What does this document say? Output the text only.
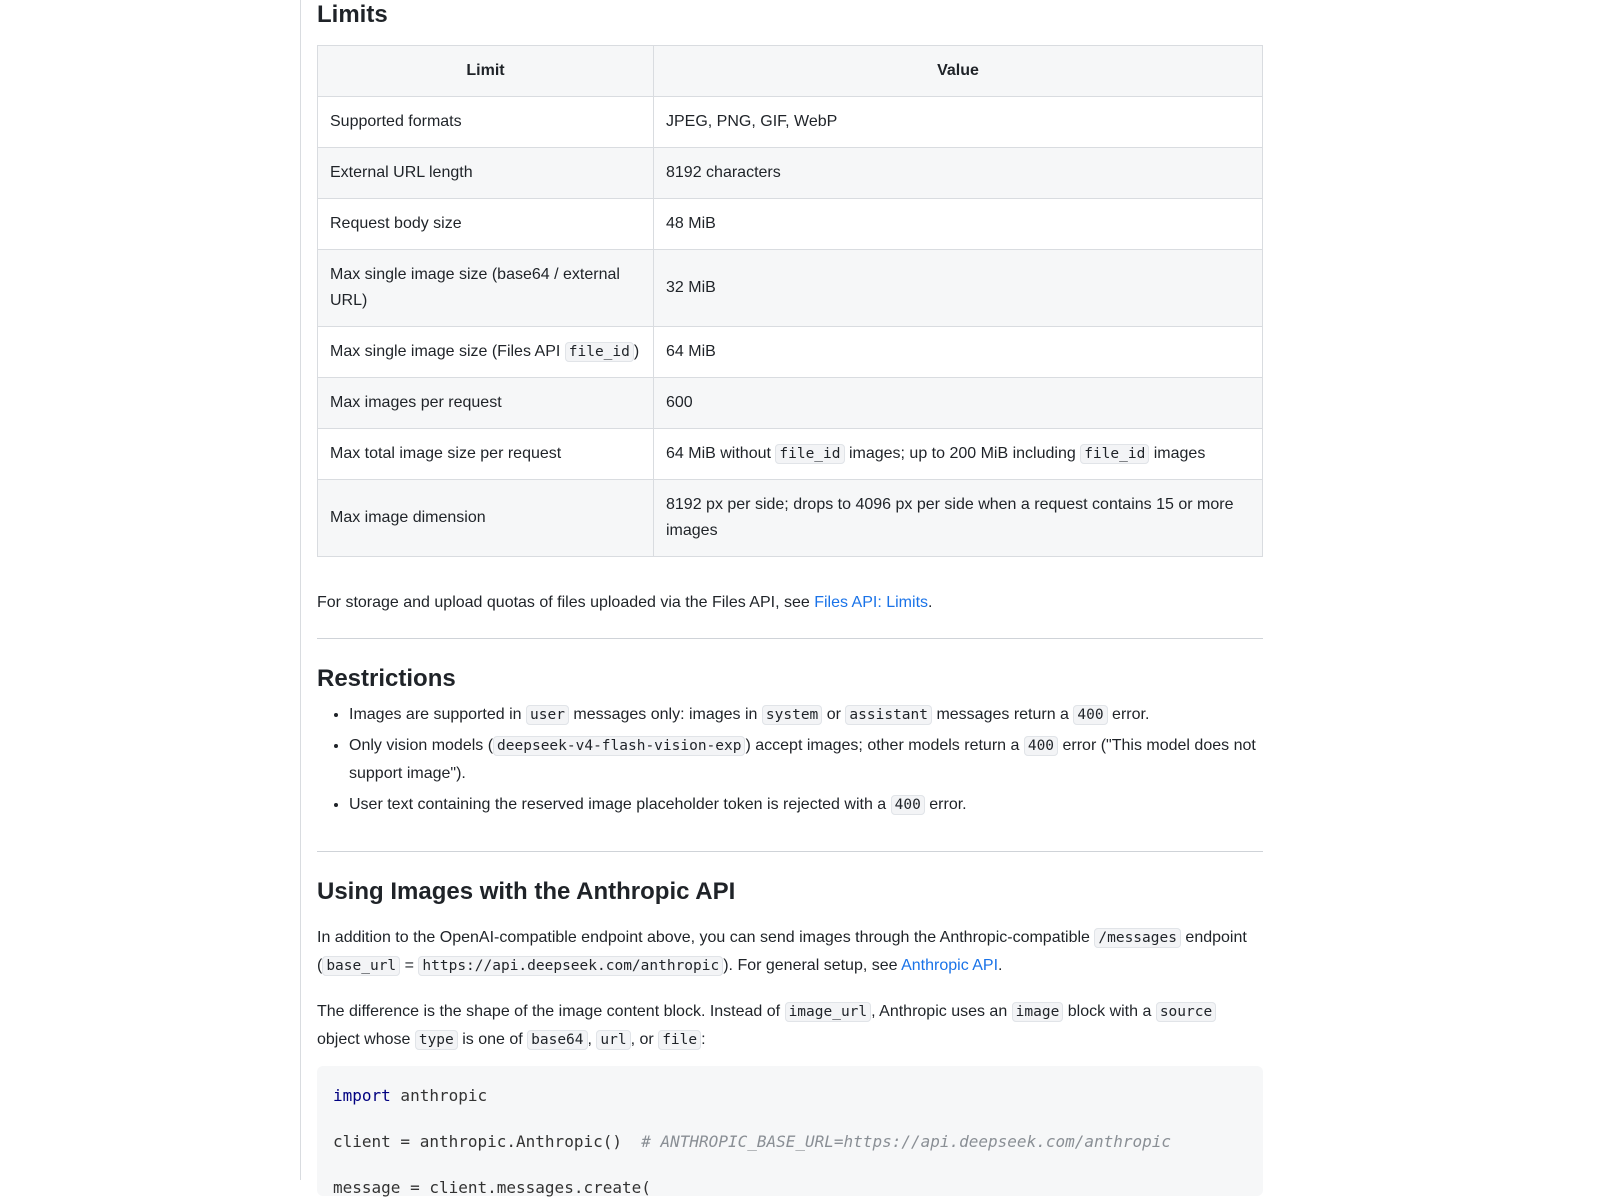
Limits
Limit	Value
Supported formats	JPEG, PNG, GIF, WebP
External URL length	8192 characters
Request body size	48 MiB
Max single image size (base64 / external URL)	32 MiB
Max single image size (Files API file_id )	64 MiB
Max images per request	600
Max total image size per request	64 MiB without file_id images; up to 200 MiB including file_id images
Max image dimension	8192 px per side; drops to 4096 px per side when a request contains 15 or more images

For storage and upload quotas of files uploaded via the Files API, see Files API: Limits.

Restrictions
• Images are supported in user messages only: images in system or assistant messages return a 400 error.
• Only vision models ( deepseek-v4-flash-vision-exp ) accept images; other models return a 400 error ("This model does not support image").
• User text containing the reserved image placeholder token is rejected with a 400 error.
Using Images with the Anthropic API

In addition to the OpenAI-compatible endpoint above, you can send images through the Anthropic-compatible /messages endpoint ( base_url = https://api.deepseek.com/anthropic ). For general setup, see Anthropic API.

The difference is the shape of the image content block. Instead of image_url , Anthropic uses an image block with a source object whose type is one of base64 , url , or file :

import anthropic
client = anthropic.Anthropic()  # ANTHROPIC_BASE_URL=https://api.deepseek.com/anthropic
message = client.messages.create(
